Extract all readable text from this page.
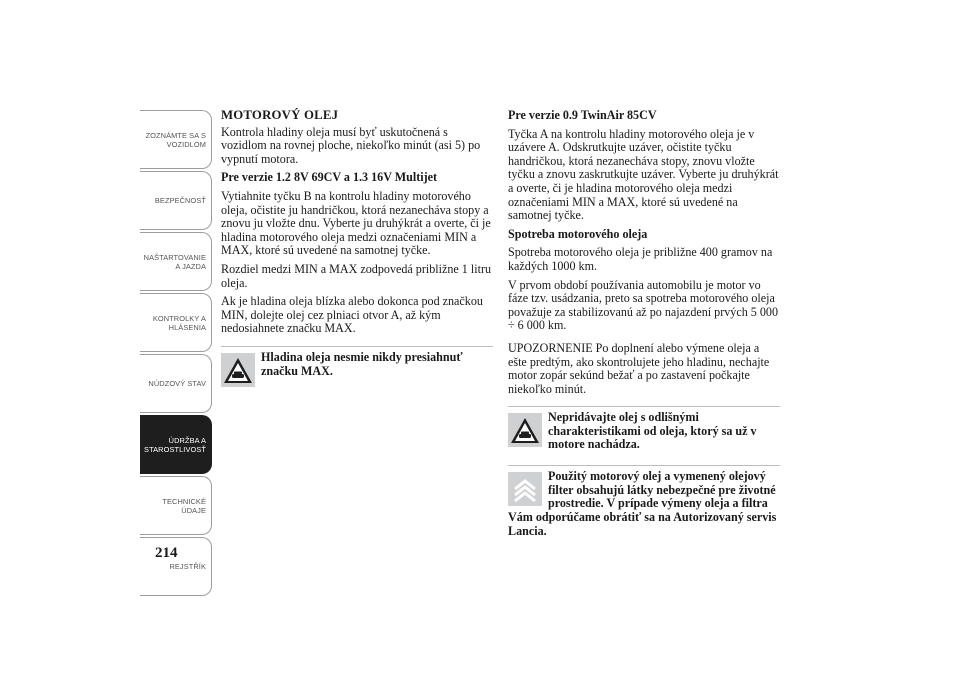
ZOZNÁMTE SA S
VOZIDLOM
BEZPEČNOSŤ
NAŠTARTOVANIE
A JAZDA
KONTROLKY A
HLÁSENIA
NÚDZOVÝ STAV
ÚDRŽBA A
STAROSTLIVOSŤ
TECHNICKÉ
ÚDAJE
REJSTŘÍK
214
MOTOROVÝ OLEJ

Kontrola hladiny oleja musí byť uskutočnená s vozidlom na rovnej ploche, niekoľko minút (asi 5) po vypnutí motora.

Pre verzie 1.2 8V 69CV a 1.3 16V Multijet

Vytiahnite tyčku B na kontrolu hladiny motorového oleja, očistite ju handričkou, ktorá nezanecháva stopy a znovu ju vložte dnu. Vyberte ju druhýkrát a overte, či je hladina motorového oleja medzi označeniami MIN a MAX, ktoré sú uvedené na samotnej tyčke.

Rozdiel medzi MIN a MAX zodpovedá približne 1 litru oleja.

Ak je hladina oleja blízka alebo dokonca pod značkou MIN, dolejte olej cez plniaci otvor A, až kým nedosiahnete značku MAX.

Hladina oleja nesmie nikdy presiahnuť značku MAX.
Pre verzie 0.9 TwinAir 85CV

Tyčka A na kontrolu hladiny motorového oleja je v uzávere A. Odskrutkujte uzáver, očistite tyčku handričkou, ktorá nezanecháva stopy, znovu vložte tyčku a znovu zaskrutkujte uzáver. Vyberte ju druhýkrát a overte, či je hladina motorového oleja medzi označeniami MIN a MAX, ktoré sú uvedené na samotnej tyčke.

Spotreba motorového oleja

Spotreba motorového oleja je približne 400 gramov na každých 1000 km.

V prvom období používania automobilu je motor vo fáze tzv. usádzania, preto sa spotreba motorového oleja považuje za stabilizovanú až po najazdení prvých 5 000 ÷ 6 000 km.

UPOZORNENIE Po doplnení alebo výmene oleja a ešte predtým, ako skontrolujete jeho hladinu, nechajte motor zopár sekúnd bežať a po zastavení počkajte niekoľko minút.

Nepridávajte olej s odlišnými charakteristikami od oleja, ktorý sa už v motore nachádza.
Použitý motorový olej a vymenený olejový filter obsahujú látky nebezpečné pre životné prostredie. V prípade výmeny oleja a filtra
Vám odporúčame obrátiť sa na Autorizovaný servis Lancia.
